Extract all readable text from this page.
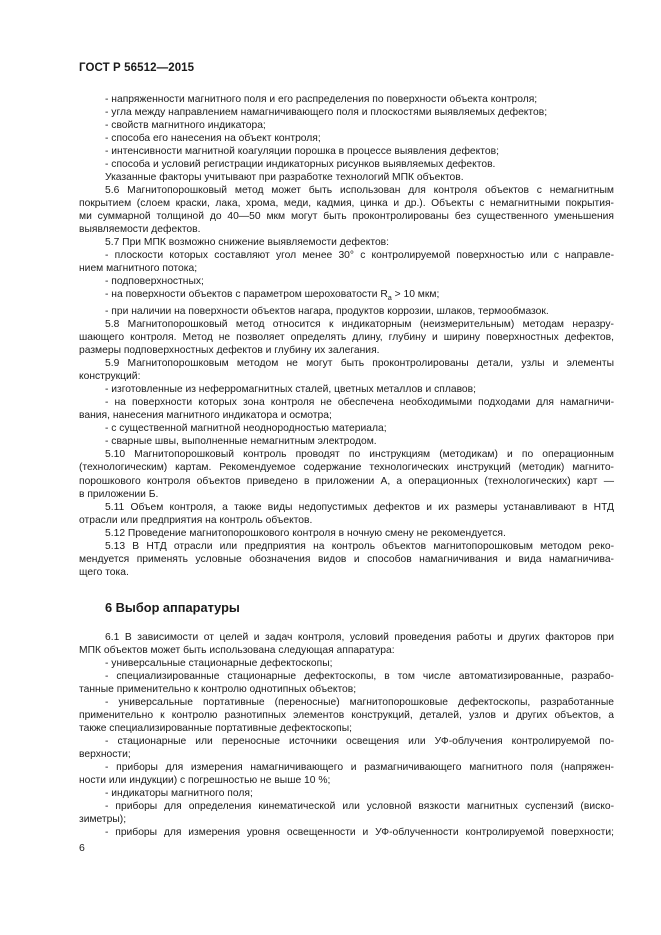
ГОСТ Р 56512—2015

- напряженности магнитного поля и его распределения по поверхности объекта контроля;

- угла между направлением намагничивающего поля и плоскостями выявляемых дефектов;

- свойств магнитного индикатора;

- способа его нанесения на объект контроля;

- интенсивности магнитной коагуляции порошка в процессе выявления дефектов;

- способа и условий регистрации индикаторных рисунков выявляемых дефектов.

Указанные факторы учитывают при разработке технологий МПК объектов.

5.6 Магнитопорошковый метод может быть использован для контроля объектов с немагнитным

покрытием (слоем краски, лака, хрома, меди, кадмия, цинка и др.). Объекты с немагнитными покрытия-

ми суммарной толщиной до 40—50 мкм могут быть проконтролированы без существенного уменьшения

выявляемости дефектов.

5.7 При МПК возможно снижение выявляемости дефектов:

- плоскости которых составляют угол менее 30° с контролируемой поверхностью или с направле-

нием магнитного потока;

- подповерхностных;

- на поверхности объектов с параметром шероховатости $R_a > 10$ мкм;

- при наличии на поверхности объектов нагара, продуктов коррозии, шлаков, термообмазок.

5.8 Магнитопорошковый метод относится к индикаторным (неизмерительным) методам неразру-

шающего контроля. Метод не позволяет определять длину, глубину и ширину поверхностных дефектов,

размеры подповерхностных дефектов и глубину их залегания.

5.9 Магнитопорошковым методом не могут быть проконтролированы детали, узлы и элементы

конструкций:

- изготовленные из неферромагнитных сталей, цветных металлов и сплавов;

- на поверхности которых зона контроля не обеспечена необходимыми подходами для намагничи-

вания, нанесения магнитного индикатора и осмотра;

- с существенной магнитной неоднородностью материала;

- сварные швы, выполненные немагнитным электродом.

5.10 Магнитопорошковый контроль проводят по инструкциям (методикам) и по операционным

(технологическим) картам. Рекомендуемое содержание технологических инструкций (методик) магнито-

порошкового контроля объектов приведено в приложении А, а операционных (технологических) карт —

в приложении Б.

5.11 Объем контроля, а также виды недопустимых дефектов и их размеры устанавливают в НТД

отрасли или предприятия на контроль объектов.

5.12 Проведение магнитопорошкового контроля в ночную смену не рекомендуется.

5.13 В НТД отрасли или предприятия на контроль объектов магнитопорошковым методом реко-

мендуется применять условные обозначения видов и способов намагничивания и вида намагничива-

щего тока.

6 Выбор аппаратуры

6.1 В зависимости от целей и задач контроля, условий проведения работы и других факторов при

МПК объектов может быть использована следующая аппаратура:

- универсальные стационарные дефектоскопы;

- специализированные стационарные дефектоскопы, в том числе автоматизированные, разрабо-

танные применительно к контролю однотипных объектов;

- универсальные портативные (переносные) магнитопорошковые дефектоскопы, разработанные

применительно к контролю разнотипных элементов конструкций, деталей, узлов и других объектов, а

также специализированные портативные дефектоскопы;

- стационарные или переносные источники освещения или УФ-облучения контролируемой по-

верхности;

- приборы для измерения намагничивающего и размагничивающего магнитного поля (напряжен-

ности или индукции) с погрешностью не выше 10 %;

- индикаторы магнитного поля;

- приборы для определения кинематической или условной вязкости магнитных суспензий (виско-

зиметры);

- приборы для измерения уровня освещенности и УФ-облученности контролируемой поверхности;

6
